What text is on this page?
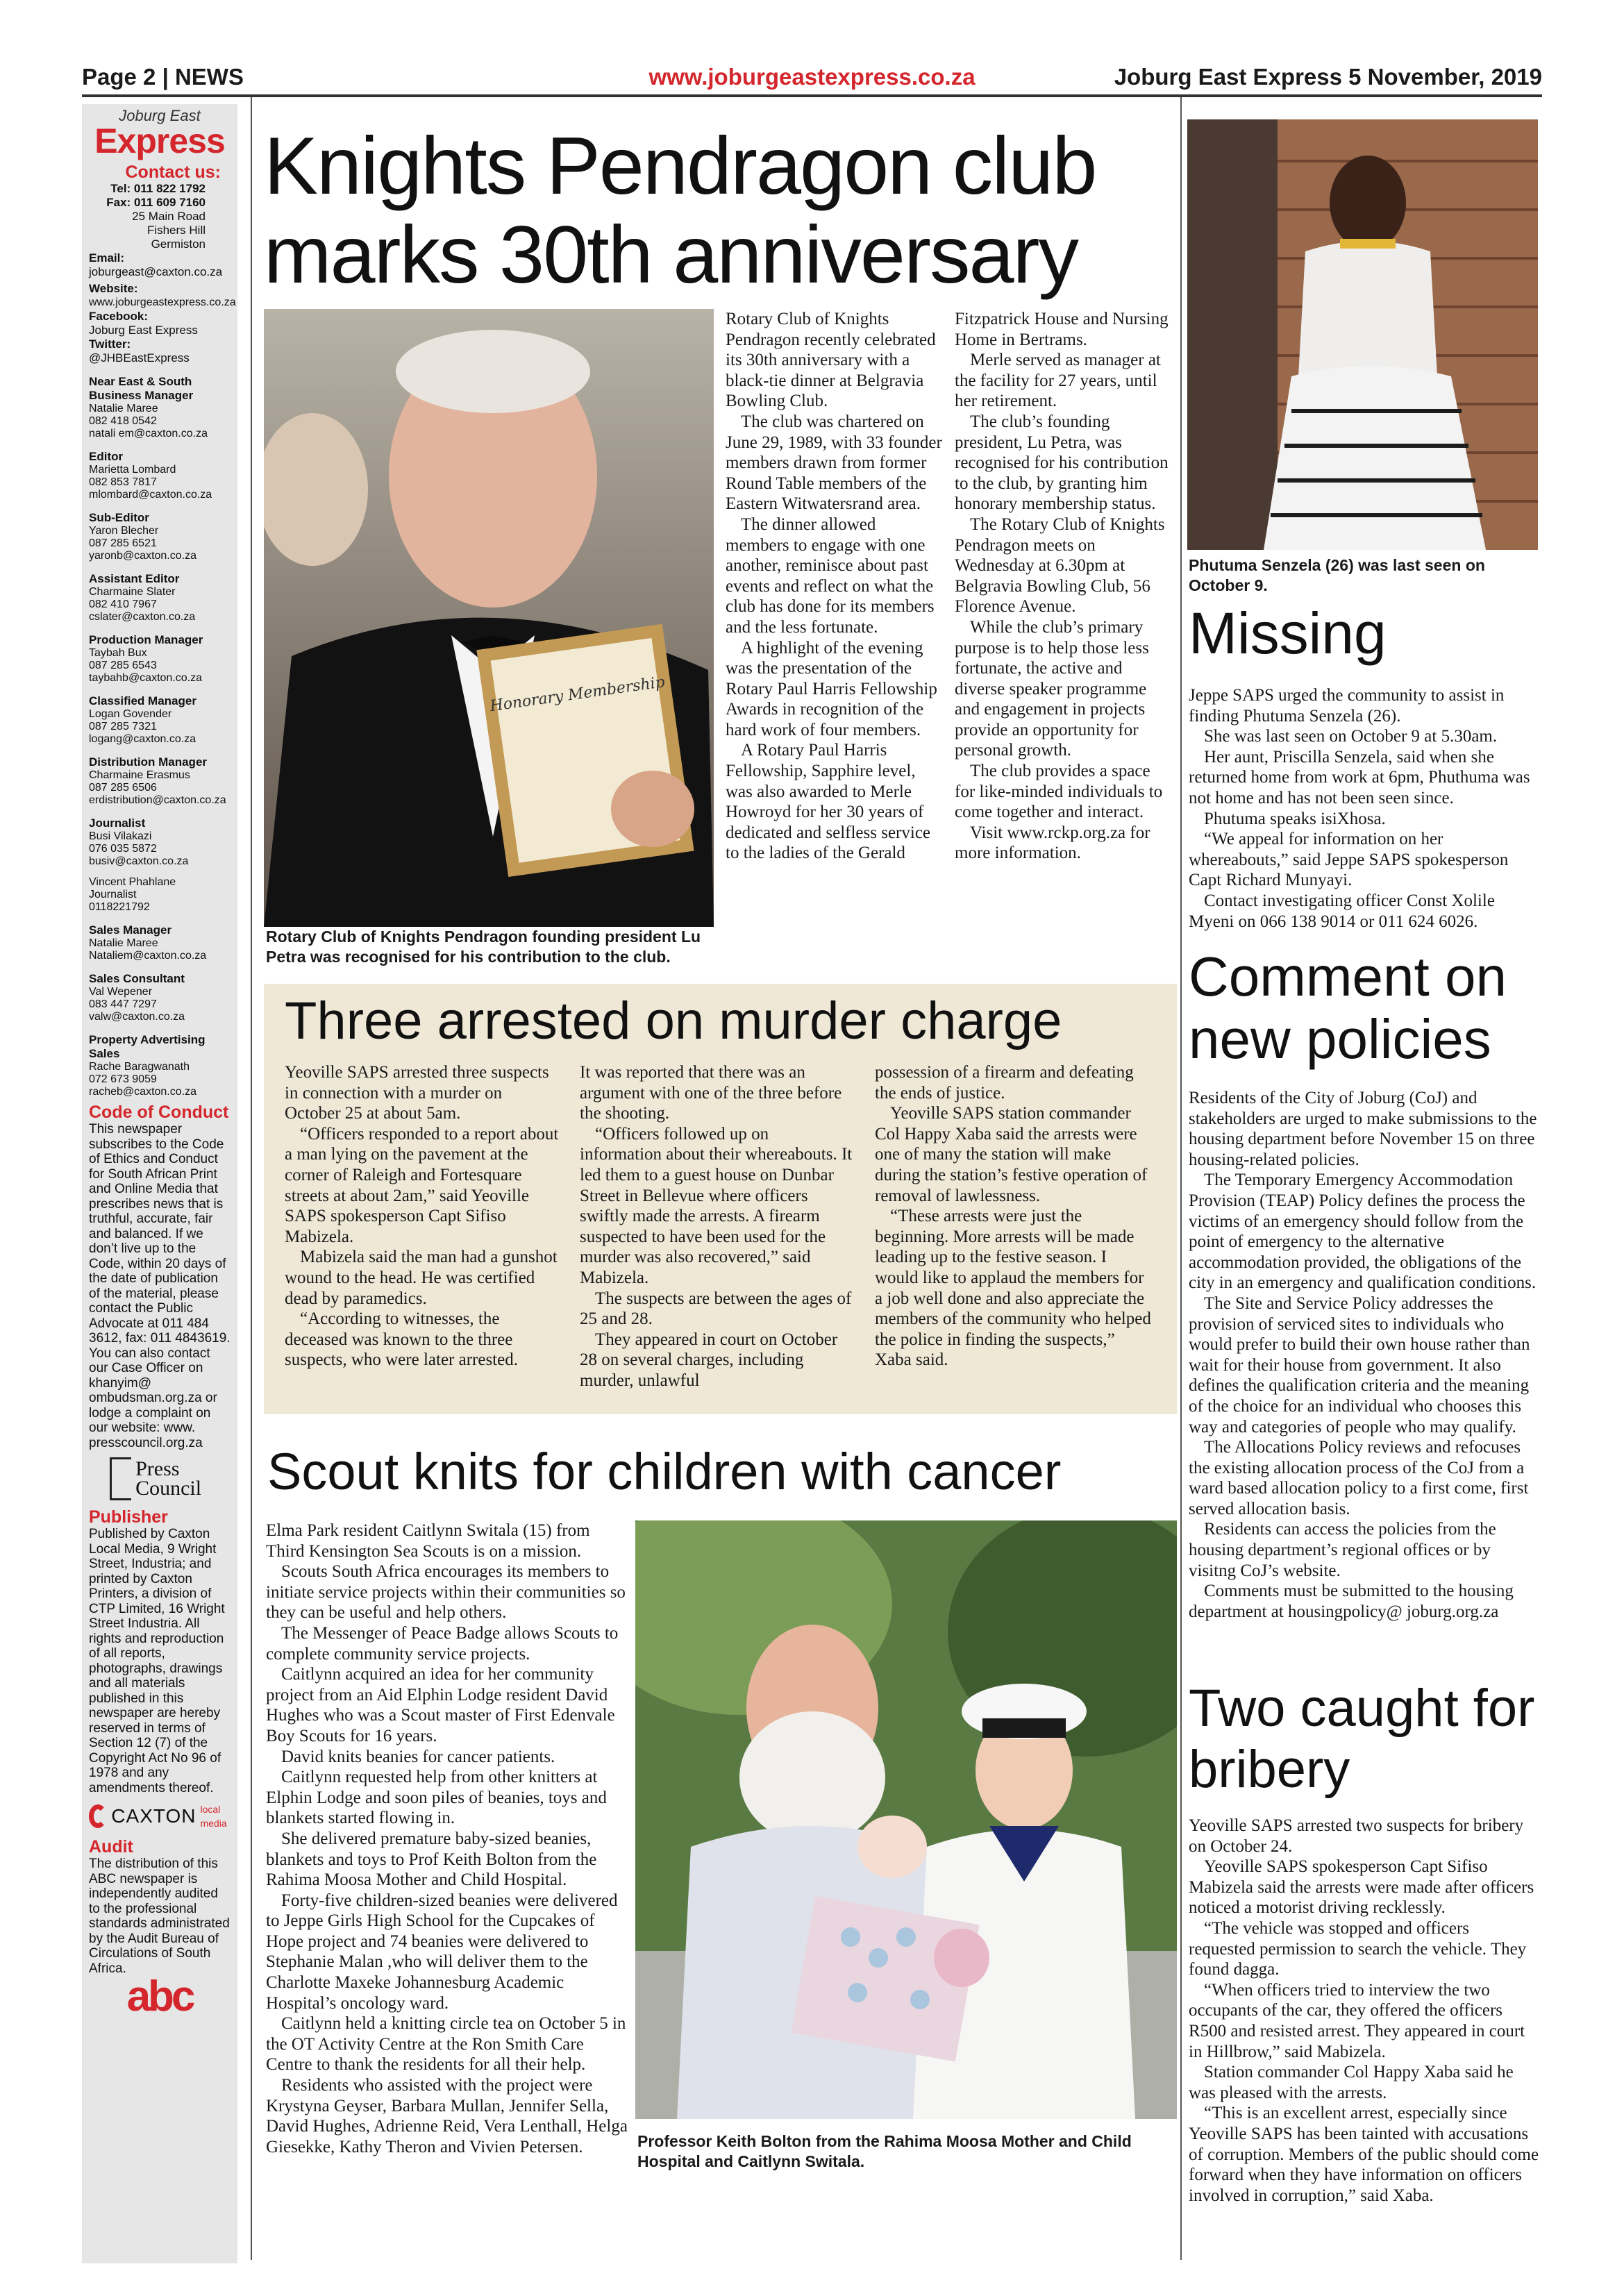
Page 2 | NEWS	www.joburgeastexpress.co.za	Joburg East Express 5 November, 2019
Joburg East
Express
Contact us:
Tel: 011 822 1792
Fax: 011 609 7160
25 Main Road
Fishers Hill
Germiston
Email:
joburgeast@caxton.co.za
Website:
www.joburgeastexpress.co.za
Facebook:
Joburg East Express
Twitter:
@JHBEastExpress
Near East & South Business Manager
Natalie Maree
082 418 0542
natali em@caxton.co.za
Editor
Marietta Lombard
082 853 7817
mlombard@caxton.co.za
Sub-Editor
Yaron Blecher
087 285 6521
yaronb@caxton.co.za
Assistant Editor
Charmaine Slater
082 410 7967
cslater@caxton.co.za
Production Manager
Taybah Bux
087 285 6543
taybahb@caxton.co.za
Classified Manager
Logan Govender
087 285 7321
logang@caxton.co.za
Distribution Manager
Charmaine Erasmus
087 285 6506
erdistribution@caxton.co.za
Journalist
Busi Vilakazi
076 035 5872
busiv@caxton.co.za
Vincent Phahlane
Journalist
0118221792
Sales Manager
Natalie Maree
Nataliem@caxton.co.za
Sales Consultant
Val Wepener
083 447 7297
valw@caxton.co.za
Property Advertising Sales
Rache Baragwanath
072 673 9059
racheb@caxton.co.za
Code of Conduct
This newspaper subscribes to the Code of Ethics and Conduct for South African Print and Online Media that prescribes news that is truthful, accurate, fair and balanced. If we don’t live up to the Code, within 20 days of the date of publication of the material, please contact the Public Advocate at 011 484 3612, fax: 011 4843619. You can also contact our Case Officer on khanyim@ ombudsman.org.za or lodge a complaint on our website: www. presscouncil.org.za
Press Council
Publisher
Published by Caxton Local Media, 9 Wright Street, Industria; and printed by Caxton Printers, a division of CTP Limited, 16 Wright Street Industria. All rights and reproduction of all reports, photographs, drawings and all materials published in this newspaper are hereby reserved in terms of Section 12 (7) of the Copyright Act No 96 of 1978 and any amendments thereof.
CAXTON local media
Audit
The distribution of this ABC newspaper is independently audited to the professional standards administrated by the Audit Bureau of Circulations of South Africa.
abc
Knights Pendragon club marks 30th anniversary
Honorary Membership
Rotary Club of Knights Pendragon founding president Lu Petra was recognised for his contribution to the club.

Rotary Club of Knights Pendragon recently celebrated its 30th anniversary with a black-tie dinner at Belgravia Bowling Club.

The club was chartered on June 29, 1989, with 33 founder members drawn from former Round Table members of the Eastern Witwatersrand area.

The dinner allowed members to engage with one another, reminisce about past events and reflect on what the club has done for its members and the less fortunate.

A highlight of the evening was the presentation of the Rotary Paul Harris Fellowship Awards in recognition of the hard work of four members.

A Rotary Paul Harris Fellowship, Sapphire level, was also awarded to Merle Howroyd for her 30 years of dedicated and selfless service to the ladies of the Gerald

Fitzpatrick House and Nursing Home in Bertrams.

Merle served as manager at the facility for 27 years, until her retirement.

The club’s founding president, Lu Petra, was recognised for his contribution to the club, by granting him honorary membership status.

The Rotary Club of Knights Pendragon meets on Wednesday at 6.30pm at Belgravia Bowling Club, 56 Florence Avenue.

While the club’s primary purpose is to help those less fortunate, the active and diverse speaker programme and engagement in projects provide an opportunity for personal growth.

The club provides a space for like-minded individuals to come together and interact.

Visit www.rckp.org.za for more information.

Phutuma Senzela (26) was last seen on October 9.
Missing

Jeppe SAPS urged the community to assist in finding Phutuma Senzela (26).

She was last seen on October 9 at 5.30am.

Her aunt, Priscilla Senzela, said when she returned home from work at 6pm, Phuthuma was not home and has not been seen since.

Phutuma speaks isiXhosa.

“We appeal for information on her whereabouts,” said Jeppe SAPS spokesperson Capt Richard Munyayi.

Contact investigating officer Const Xolile Myeni on 066 138 9014 or 011 624 6026.

Three arrested on murder charge

Yeoville SAPS arrested three suspects in connection with a murder on October 25 at about 5am.

“Officers responded to a report about a man lying on the pavement at the corner of Raleigh and Fortesquare streets at about 2am,” said Yeoville SAPS spokesperson Capt Sifiso Mabizela.

Mabizela said the man had a gunshot wound to the head. He was certified dead by paramedics.

“According to witnesses, the deceased was known to the three suspects, who were later arrested.

It was reported that there was an argument with one of the three before the shooting.

“Officers followed up on information about their whereabouts. It led them to a guest house on Dunbar Street in Bellevue where officers swiftly made the arrests. A firearm suspected to have been used for the murder was also recovered,” said Mabizela.

The suspects are between the ages of 25 and 28.

They appeared in court on October 28 on several charges, including murder, unlawful

possession of a firearm and defeating the ends of justice.

Yeoville SAPS station commander Col Happy Xaba said the arrests were one of many the station will make during the station’s festive operation of removal of lawlessness.

“These arrests were just the beginning. More arrests will be made leading up to the festive season. I would like to applaud the members for a job well done and also appreciate the members of the community who helped the police in finding the suspects,” Xaba said.

Scout knits for children with cancer

Elma Park resident Caitlynn Switala (15) from Third Kensington Sea Scouts is on a mission.

Scouts South Africa encourages its members to initiate service projects within their communities so they can be useful and help others.

The Messenger of Peace Badge allows Scouts to complete community service projects.

Caitlynn acquired an idea for her community project from an Aid Elphin Lodge resident David Hughes who was a Scout master of First Edenvale Boy Scouts for 16 years.

David knits beanies for cancer patients.

Caitlynn requested help from other knitters at Elphin Lodge and soon piles of beanies, toys and blankets started flowing in.

She delivered premature baby-sized beanies, blankets and toys to Prof Keith Bolton from the Rahima Moosa Mother and Child Hospital.

Forty-five children-sized beanies were delivered to Jeppe Girls High School for the Cupcakes of Hope project and 74 beanies were delivered to Stephanie Malan ,who will deliver them to the Charlotte Maxeke Johannesburg Academic Hospital’s oncology ward.

Caitlynn held a knitting circle tea on October 5 in the OT Activity Centre at the Ron Smith Care Centre to thank the residents for all their help.

Residents who assisted with the project were Krystyna Geyser, Barbara Mullan, Jennifer Sella, David Hughes, Adrienne Reid, Vera Lenthall, Helga Giesekke, Kathy Theron and Vivien Petersen.	Professor Keith Bolton from the Rahima Moosa Mother and Child Hospital and Caitlynn Switala.
Comment on new policies

Residents of the City of Joburg (CoJ) and stakeholders are urged to make submissions to the housing department before November 15 on three housing-related policies.

The Temporary Emergency Accommodation Provision (TEAP) Policy defines the process the victims of an emergency should follow from the point of emergency to the alternative accommodation provided, the obligations of the city in an emergency and qualification conditions.

The Site and Service Policy addresses the provision of serviced sites to individuals who would prefer to build their own house rather than wait for their house from government. It also defines the qualification criteria and the meaning of the choice for an individual who chooses this way and categories of people who may qualify.

The Allocations Policy reviews and refocuses the existing allocation process of the CoJ from a ward based allocation policy to a first come, first served allocation basis.

Residents can access the policies from the housing department’s regional offices or by visitng CoJ’s website.

Comments must be submitted to the housing department at housingpolicy@ joburg.org.za

Two caught for bribery

Yeoville SAPS arrested two suspects for bribery on October 24.

Yeoville SAPS spokesperson Capt Sifiso Mabizela said the arrests were made after officers noticed a motorist driving recklessly.

“The vehicle was stopped and officers requested permission to search the vehicle. They found dagga.

“When officers tried to interview the two occupants of the car, they offered the officers R500 and resisted arrest. They appeared in court in Hillbrow,” said Mabizela.

Station commander Col Happy Xaba said he was pleased with the arrests.

“This is an excellent arrest, especially since Yeoville SAPS has been tainted with accusations of corruption. Members of the public should come forward when they have information on officers involved in corruption,” said Xaba.
